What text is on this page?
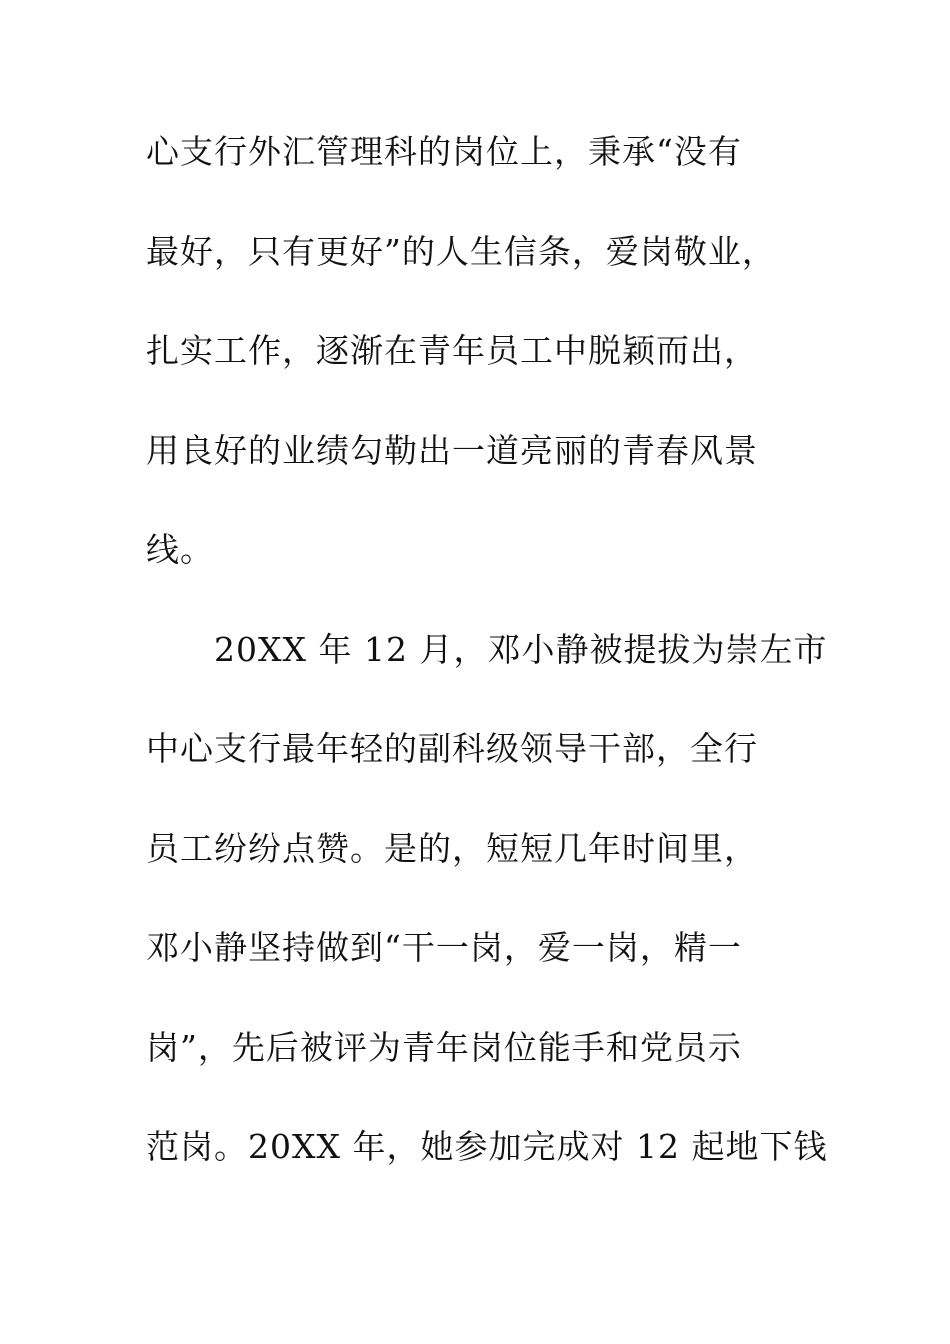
心支行外汇管理科的岗位上，秉承“没有
最好，只有更好”的人生信条，爱岗敬业，
扎实工作，逐渐在青年员工中脱颖而出，
用良好的业绩勾勒出一道亮丽的青春风景
线。
20XX 年 12 月，邓小静被提拔为崇左市
中心支行最年轻的副科级领导干部，全行
员工纷纷点赞。是的，短短几年时间里，
邓小静坚持做到“干一岗，爱一岗，精一
岗”，先后被评为青年岗位能手和党员示
范岗。20XX 年，她参加完成对 12 起地下钱
